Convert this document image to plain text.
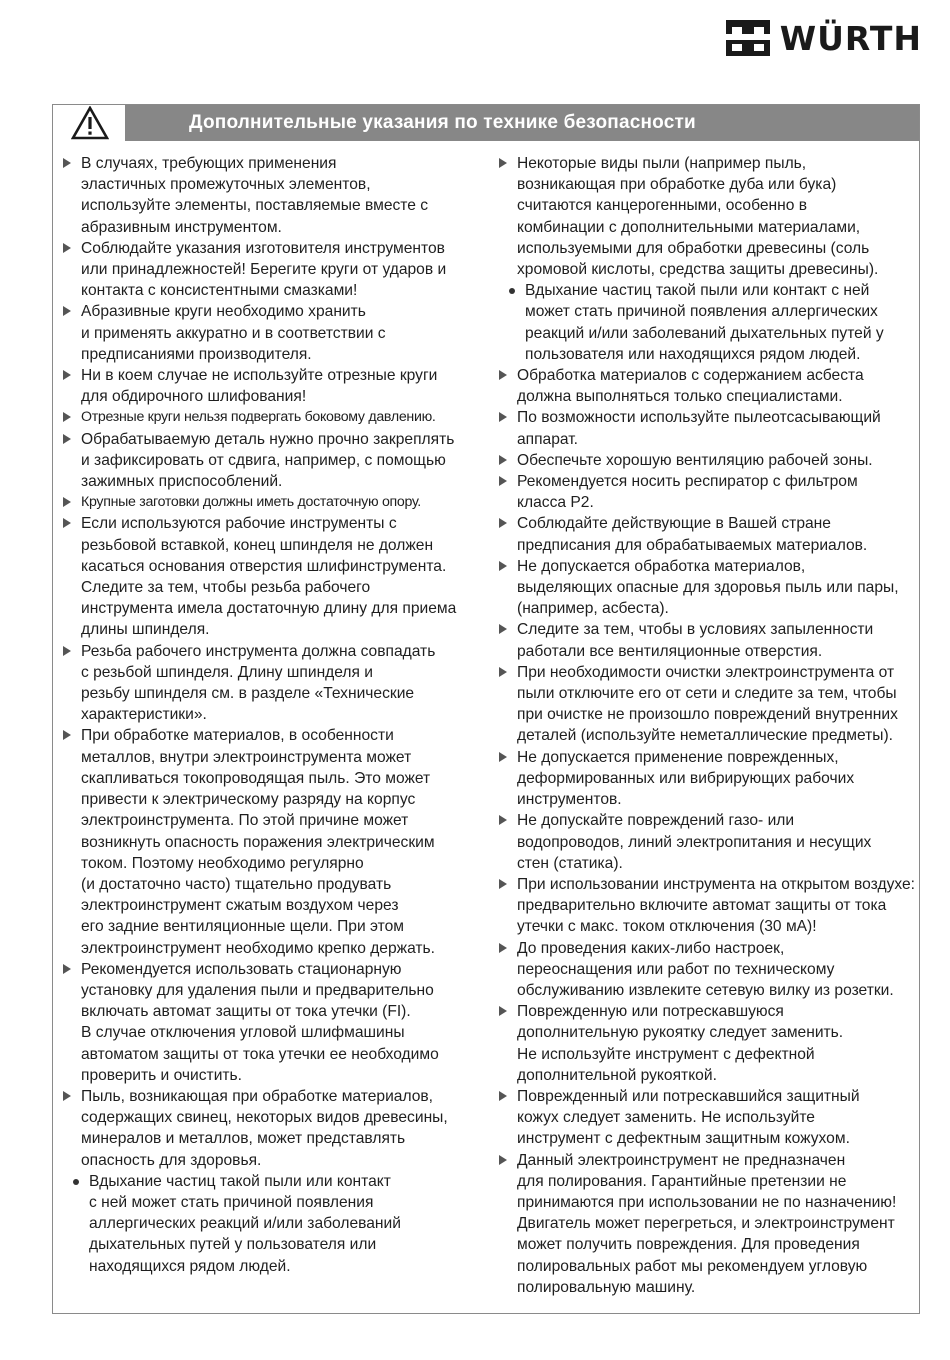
WÜRTH
Дополнительные указания по технике безопасности
В случаях, требующих применения
эластичных промежуточных элементов,
используйте элементы, поставляемые вместе с
абразивным инструментом.
Соблюдайте указания изготовителя инструментов
или принадлежностей! Берегите круги от ударов и
контакта с консистентными смазками!
Абразивные круги необходимо хранить
и применять аккуратно и в соответствии с
предписаниями производителя.
Ни в коем случае не используйте отрезные круги
для обдирочного шлифования!
Отрезные круги нельзя подвергать боковому давлению.
Обрабатываемую деталь нужно прочно закреплять
и зафиксировать от сдвига, например, с помощью
зажимных приспособлений.
Крупные заготовки должны иметь достаточную опору.
Если используются рабочие инструменты с
резьбовой вставкой, конец шпинделя не должен
касаться основания отверстия шлифинструмента.
Следите за тем, чтобы резьба рабочего
инструмента имела достаточную длину для приема
длины шпинделя.
Резьба рабочего инструмента должна совпадать
с резьбой шпинделя. Длину шпинделя и
резьбу шпинделя см. в разделе «Технические
характеристики».
При обработке материалов, в особенности
металлов, внутри электроинструмента может
скапливаться токопроводящая пыль. Это может
привести к электрическому разряду на корпус
электроинструмента. По этой причине может
возникнуть опасность поражения электрическим
током. Поэтому необходимо регулярно
(и достаточно часто) тщательно продувать
электроинструмент сжатым воздухом через
его задние вентиляционные щели. При этом
электроинструмент необходимо крепко держать.
Рекомендуется использовать стационарную
установку для удаления пыли и предварительно
включать автомат защиты от тока утечки (FI).
В случае отключения угловой шлифмашины
автоматом защиты от тока утечки ее необходимо
проверить и очистить.
Пыль, возникающая при обработке материалов,
содержащих свинец, некоторых видов древесины,
минералов и металлов, может представлять
опасность для здоровья.
Вдыхание частиц такой пыли или контакт
с ней может стать причиной появления
аллергических реакций и/или заболеваний
дыхательных путей у пользователя или
находящихся рядом людей.
Некоторые виды пыли (например пыль,
возникающая при обработке дуба или бука)
считаются канцерогенными, особенно в
комбинации с дополнительными материалами,
используемыми для обработки древесины (соль
хромовой кислоты, средства защиты древесины).
Вдыхание частиц такой пыли или контакт с ней
может стать причиной появления аллергических
реакций и/или заболеваний дыхательных путей у
пользователя или находящихся рядом людей.
Обработка материалов с содержанием асбеста
должна выполняться только специалистами.
По возможности используйте пылеотсасывающий
аппарат.
Обеспечьте хорошую вентиляцию рабочей зоны.
Рекомендуется носить респиратор с фильтром
класса P2.
Соблюдайте действующие в Вашей стране
предписания для обрабатываемых материалов.
Не допускается обработка материалов,
выделяющих опасные для здоровья пыль или пары,
(например, асбеста).
Следите за тем, чтобы в условиях запыленности
работали все вентиляционные отверстия.
При необходимости очистки электроинструмента от
пыли отключите его от сети и следите за тем, чтобы
при очистке не произошло повреждений внутренних
деталей (используйте неметаллические предметы).
Не допускается применение поврежденных,
деформированных или вибрирующих рабочих
инструментов.
Не допускайте повреждений газо- или
водопроводов, линий электропитания и несущих
стен (статика).
При использовании инструмента на открытом воздухе:
предварительно включите автомат защиты от тока
утечки с макс. током отключения (30 мА)!
До проведения каких-либо настроек,
переоснащения или работ по техническому
обслуживанию извлеките сетевую вилку из розетки.
Поврежденную или потрескавшуюся
дополнительную рукоятку следует заменить.
Не используйте инструмент с дефектной
дополнительной рукояткой.
Поврежденный или потрескавшийся защитный
кожух следует заменить. Не используйте
инструмент с дефектным защитным кожухом.
Данный электроинструмент не предназначен
для полирования. Гарантийные претензии не
принимаются при использовании не по назначению!
Двигатель может перегреться, и электроинструмент
может получить повреждения. Для проведения
полировальных работ мы рекомендуем угловую
полировальную машину.
